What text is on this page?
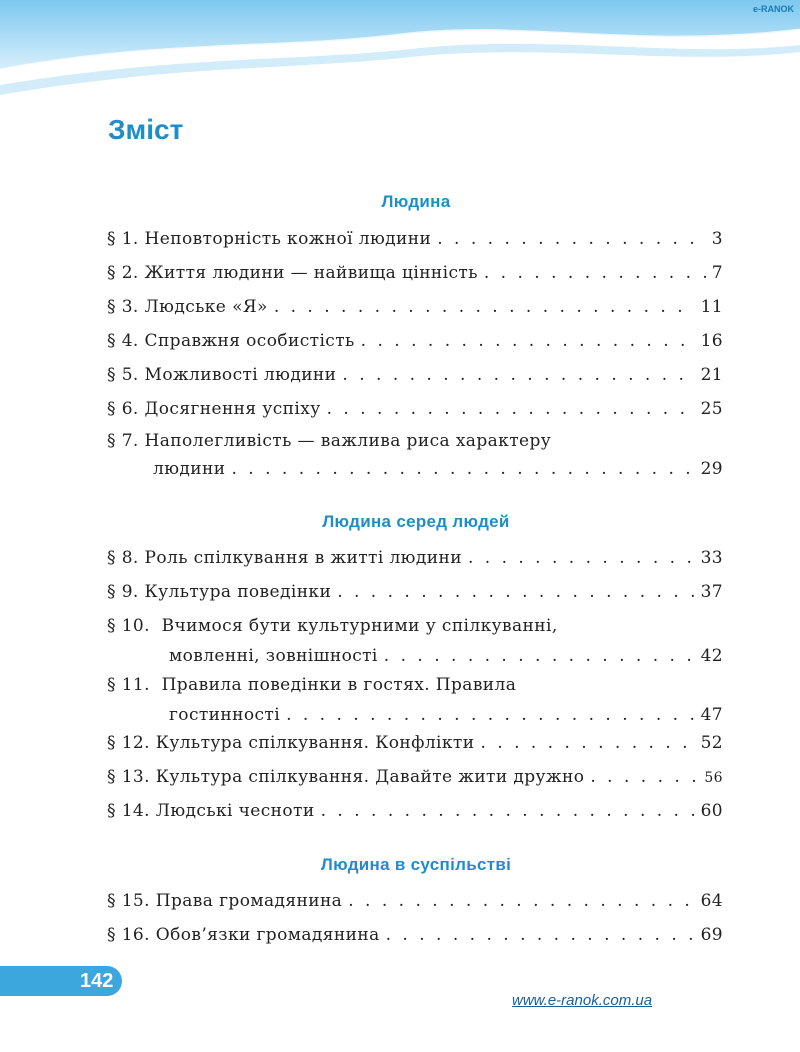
e-RANOK
Зміст
Людина
§ 1.
Неповторність кожної людини . . .	3
§ 2.
Життя людини — найвища цінність . . .	7
§ 3.
Людське «Я» . . .	11
§ 4.
Справжня особистість . . .	16
§ 5.
Можливості людини . . .	21
§ 6.
Досягнення успіху . . .	25
§ 7.
Наполегливість — важлива риса характеру
людини . . .	29
Людина серед людей
§ 8.
Роль спілкування в житті людини . . .	33
§ 9.
Культура поведінки . . .	37
§ 10.
Вчимося бути культурними у спілкуванні,
мовленні, зовнішності . . .	42
§ 11.
Правила поведінки в гостях. Правила
гостинності . . .	47
§ 12.
Культура спілкування. Конфлікти . . .	52
§ 13.
Культура спілкування. Давайте жити дружно . . .	56
§ 14.
Людські чесноти . . .	60
Людина в суспільстві
§ 15.
Права громадянина . . .	64
§ 16.
Обов’язки громадянина . . .	69
142
www.e-ranok.com.ua
